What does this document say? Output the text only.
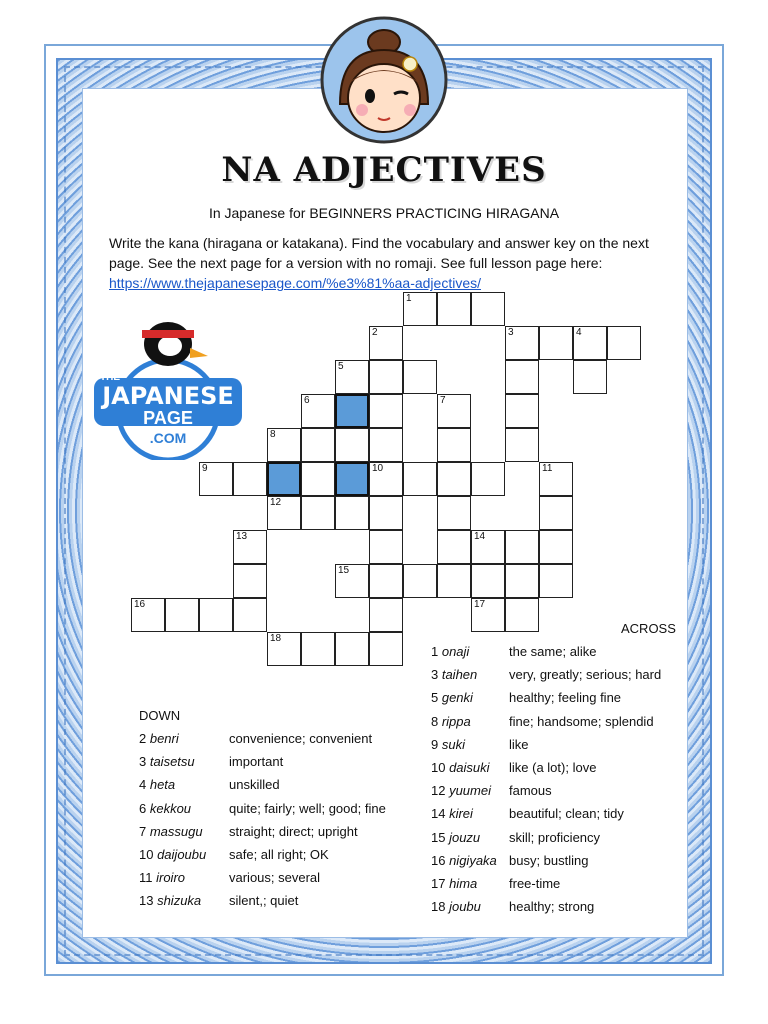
NA ADJECTIVES
In Japanese for BEGINNERS PRACTICING HIRAGANA
Write the kana (hiragana or katakana). Find the vocabulary and answer key on the next page. See the next page for a version with no romaji. See full lesson page here: https://www.thejapanesepage.com/%e3%81%aa-adjectives/
THE
JAPANESE
PAGE
.COM
1
2	3	4
5
6	7
8
9	10	11
12
13	14
15
16	17
18
ACROSS
1 onaji	the same; alike
3 taihen very, greatly; serious; hard
5 genki	healthy; feeling fine
8 rippa	fine; handsome; splendid
9 suki	like
10 daisuki like (a lot); love
12 yuumei famous
14 kirei	beautiful; clean; tidy
15 jouzu skill; proficiency
16 nigiyaka busy; bustling
17 hima free-time
18 joubu healthy; strong
DOWN
2 benri	convenience; convenient
3 taisetsu	important
4 heta	unskilled
6 kekkou	quite; fairly; well; good; fine
7 massugu straight; direct; upright
10 daijoubu safe; all right; OK
11 iroiro	various; several
13 shizuka silent,; quiet
